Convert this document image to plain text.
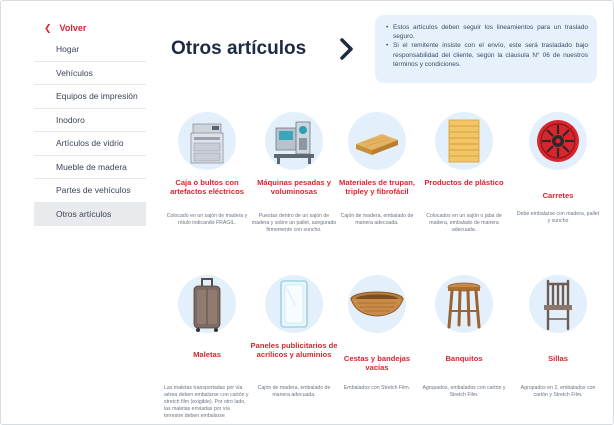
❮ Volver
Hogar
Vehículos
Equipos de impresión
Inodoro
Artículos de vidrio
Mueble de madera
Partes de vehículos
Otros artículos
Otros artículos
• Estos artículos deben seguir los lineamientos para un traslado seguro.
• Si el remitente insiste con el envío, este será trasladado bajo responsabilidad del cliente, según la clausula N° 06 de nuestros términos y condiciones.
Caja o bultos con artefactos eléctricos
Colocado en un sajón de madera y rótulo indicando FRÁGIL.
Máquinas pesadas y voluminosas
Puestas dentro de un sajón de madera y sobre un pallet, asegurado firmemente con suncho.
Materiales de trupan, tripley y fibrofácil
Cajón de madera, embalado de manera adecuada.
Productos de plástico
Colocados en un sajón o jaba de madera, embalado de manera adecuada.
Carretes
Debe embalarse con madera, pallet y suncho
Maletas
Las maletas transportadas por vía aérea deben embalarse con cartón y stretch film (exigible). Por otro lado, las maletas enviadas por vía terrestre deben embalarse
Paneles publicitarios de acrílicos y aluminios
Cajón de madera, embalado de manera adecuada.
Cestas y bandejas vacías
Embalados con Stretch Film.
Banquitos
Agrupados, embalados con cartón y Stretch Film.
Sillas
Agrupados en 2, embalados con cartón y Stretch Film.
